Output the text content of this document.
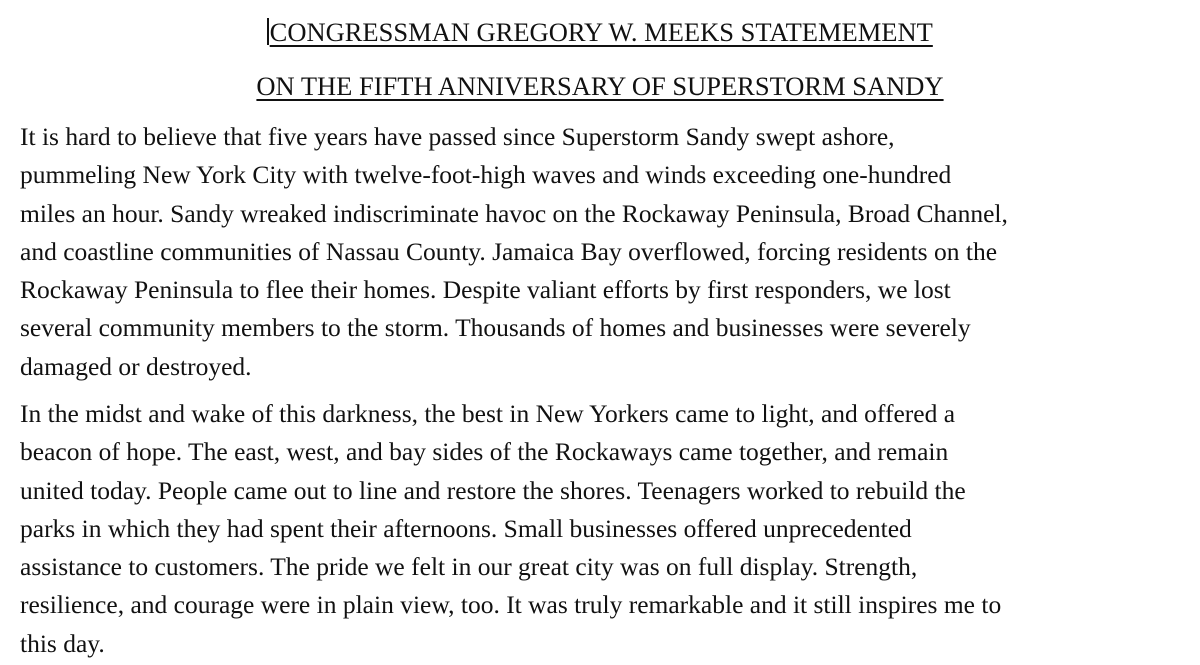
CONGRESSMAN GREGORY W. MEEKS STATEMEMENT
ON THE FIFTH ANNIVERSARY OF SUPERSTORM SANDY
It is hard to believe that five years have passed since Superstorm Sandy swept ashore,
pummeling New York City with twelve-foot-high waves and winds exceeding one-hundred
miles an hour. Sandy wreaked indiscriminate havoc on the Rockaway Peninsula, Broad Channel,
and coastline communities of Nassau County. Jamaica Bay overflowed, forcing residents on the
Rockaway Peninsula to flee their homes. Despite valiant efforts by first responders, we lost
several community members to the storm. Thousands of homes and businesses were severely
damaged or destroyed.
In the midst and wake of this darkness, the best in New Yorkers came to light, and offered a
beacon of hope. The east, west, and bay sides of the Rockaways came together, and remain
united today. People came out to line and restore the shores. Teenagers worked to rebuild the
parks in which they had spent their afternoons. Small businesses offered unprecedented
assistance to customers. The pride we felt in our great city was on full display. Strength,
resilience, and courage were in plain view, too. It was truly remarkable and it still inspires me to
this day.
